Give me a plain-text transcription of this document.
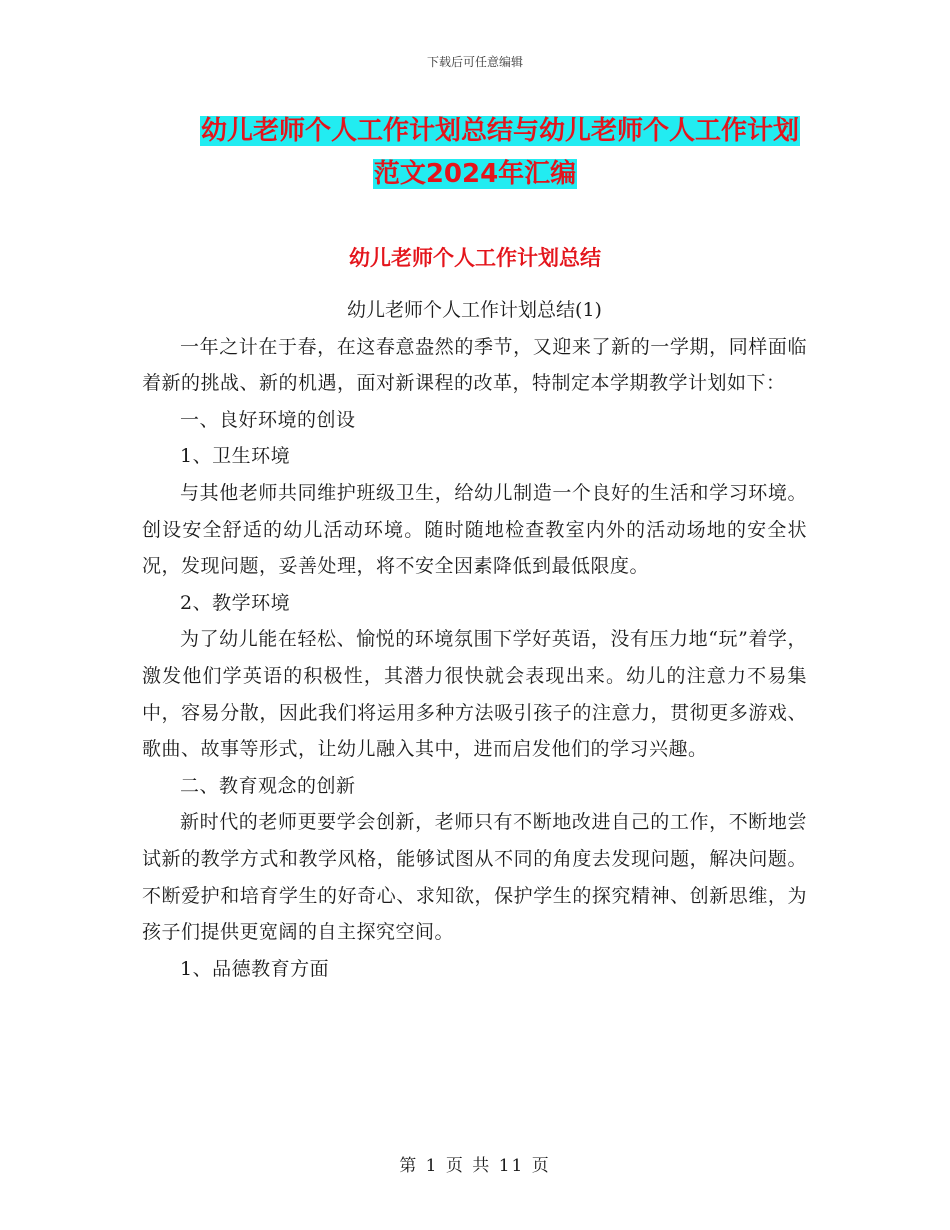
下载后可任意编辑
幼儿老师个人工作计划总结与幼儿老师个人工作计划
范文2024年汇编
幼儿老师个人工作计划总结

幼儿老师个人工作计划总结(1)

一年之计在于春，在这春意盎然的季节，又迎来了新的一学期，同样面临着新的挑战、新的机遇，面对新课程的改革，特制定本学期教学计划如下：

一、良好环境的创设

1、卫生环境

与其他老师共同维护班级卫生，给幼儿制造一个良好的生活和学习环境。创设安全舒适的幼儿活动环境。随时随地检查教室内外的活动场地的安全状况，发现问题，妥善处理，将不安全因素降低到最低限度。

2、教学环境

为了幼儿能在轻松、愉悦的环境氛围下学好英语，没有压力地“玩”着学，激发他们学英语的积极性，其潜力很快就会表现出来。幼儿的注意力不易集中，容易分散，因此我们将运用多种方法吸引孩子的注意力，贯彻更多游戏、歌曲、故事等形式，让幼儿融入其中，进而启发他们的学习兴趣。

二、教育观念的创新

新时代的老师更要学会创新，老师只有不断地改进自己的工作，不断地尝试新的教学方式和教学风格，能够试图从不同的角度去发现问题，解决问题。不断爱护和培育学生的好奇心、求知欲，保护学生的探究精神、创新思维，为孩子们提供更宽阔的自主探究空间。

1、品德教育方面

第 1 页 共 11 页
